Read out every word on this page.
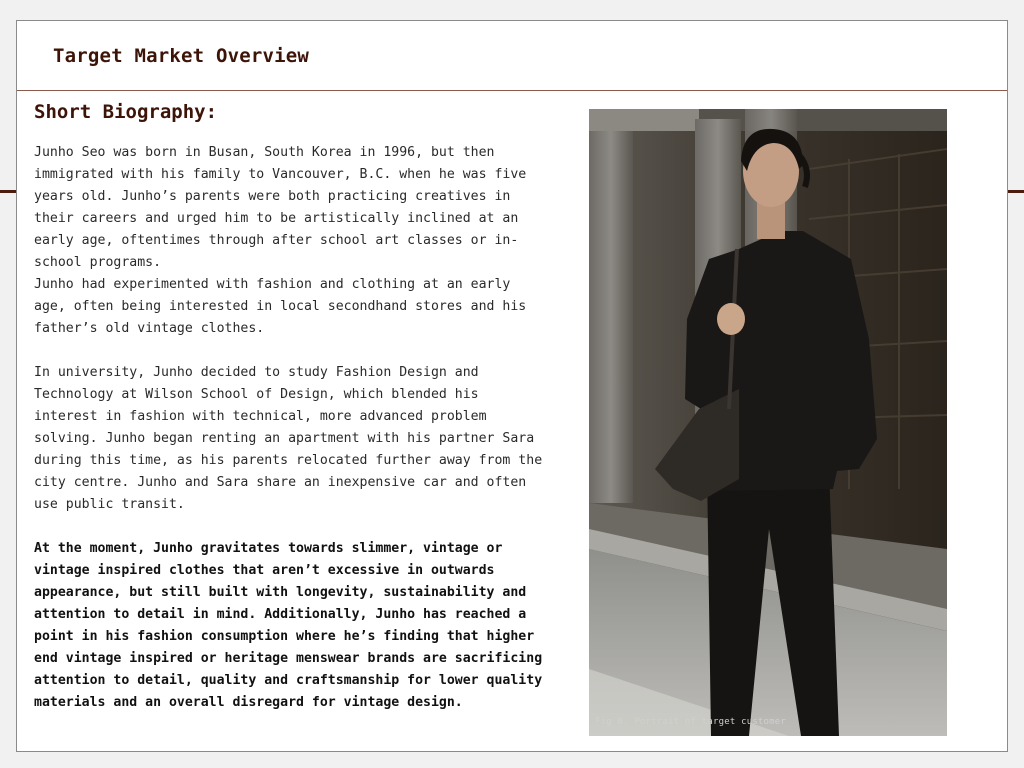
Target Market Overview
Short Biography:

Junho Seo was born in Busan, South Korea in 1996, but then immigrated with his family to Vancouver, B.C. when he was five years old. Junho’s parents were both practicing creatives in their careers and urged him to be artistically inclined at an early age, oftentimes through after school art classes or in-school programs.

Junho had experimented with fashion and clothing at an early age, often being interested in local secondhand stores and his father’s old vintage clothes.

In university, Junho decided to study Fashion Design and Technology at Wilson School of Design, which blended his interest in fashion with technical, more advanced problem solving. Junho began renting an apartment with his partner Sara during this time, as his parents relocated further away from the city centre. Junho and Sara share an inexpensive car and often use public transit.

At the moment, Junho gravitates towards slimmer, vintage or vintage inspired clothes that aren’t excessive in outwards appearance, but still built with longevity, sustainability and attention to detail in mind. Additionally, Junho has reached a point in his fashion consumption where he’s finding that higher end vintage inspired or heritage menswear brands are sacrificing attention to detail, quality and craftsmanship for lower quality materials and an overall disregard for vintage design.

Fig 6. Portrait of target customer
